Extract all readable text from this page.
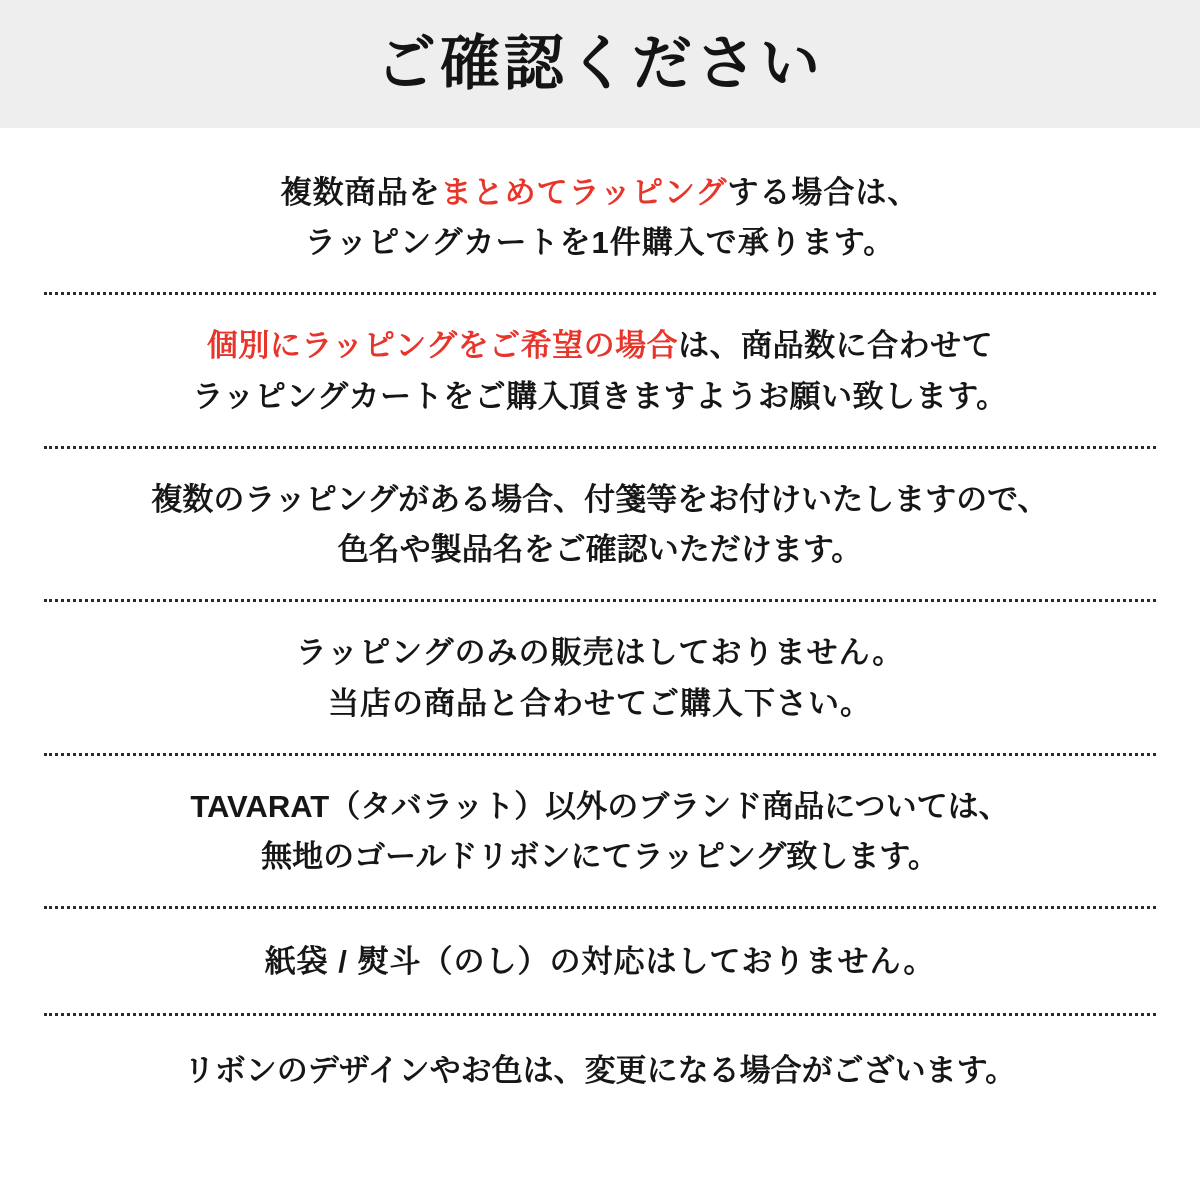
ご確認ください
複数商品をまとめてラッピングする場合は、
ラッピングカートを1件購入で承ります。
個別にラッピングをご希望の場合は、商品数に合わせて
ラッピングカートをご購入頂きますようお願い致します。
複数のラッピングがある場合、付箋等をお付けいたしますので、
色名や製品名をご確認いただけます。
ラッピングのみの販売はしておりません。
当店の商品と合わせてご購入下さい。
TAVARAT（タバラット）以外のブランド商品については、
無地のゴールドリボンにてラッピング致します。
紙袋 / 熨斗（のし）の対応はしておりません。
リボンのデザインやお色は、変更になる場合がございます。
